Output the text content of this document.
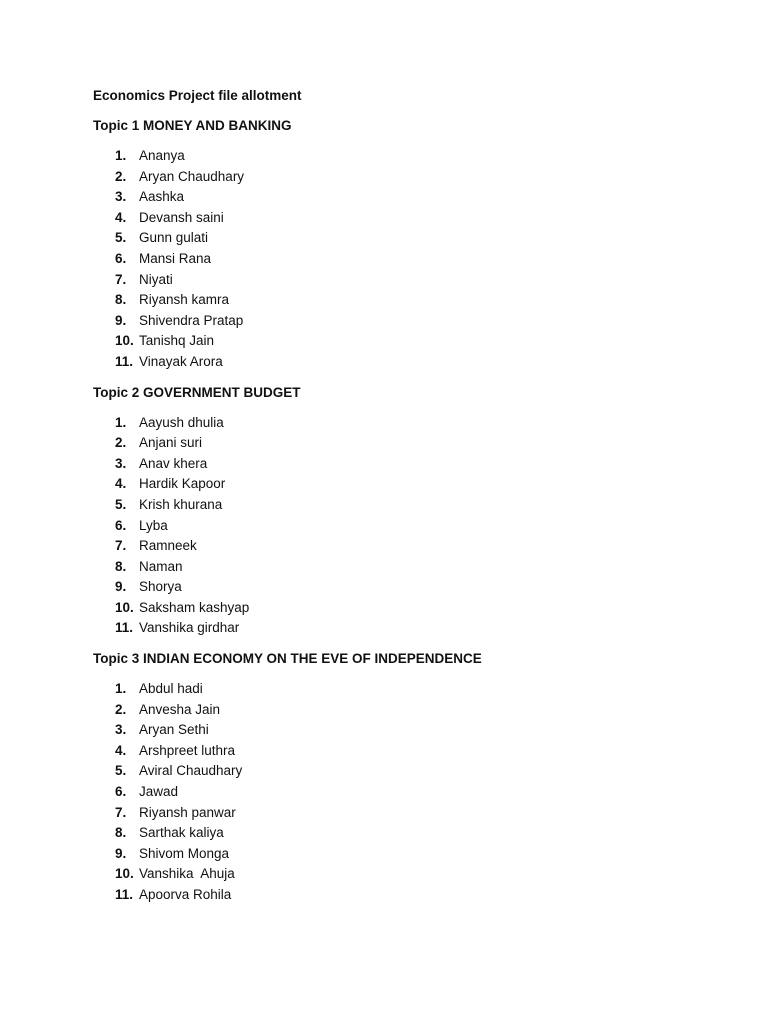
Economics Project file allotment
Topic 1 MONEY AND BANKING
1. Ananya
2. Aryan Chaudhary
3. Aashka
4. Devansh saini
5. Gunn gulati
6. Mansi Rana
7. Niyati
8. Riyansh kamra
9. Shivendra Pratap
10. Tanishq Jain
11. Vinayak Arora
Topic 2 GOVERNMENT BUDGET
1. Aayush dhulia
2. Anjani suri
3. Anav khera
4. Hardik Kapoor
5. Krish khurana
6. Lyba
7. Ramneek
8. Naman
9. Shorya
10. Saksham kashyap
11. Vanshika girdhar
Topic 3 INDIAN ECONOMY ON THE EVE OF INDEPENDENCE
1. Abdul hadi
2. Anvesha Jain
3. Aryan Sethi
4. Arshpreet luthra
5. Aviral Chaudhary
6. Jawad
7. Riyansh panwar
8. Sarthak kaliya
9. Shivom Monga
10. Vanshika  Ahuja
11. Apoorva Rohila
